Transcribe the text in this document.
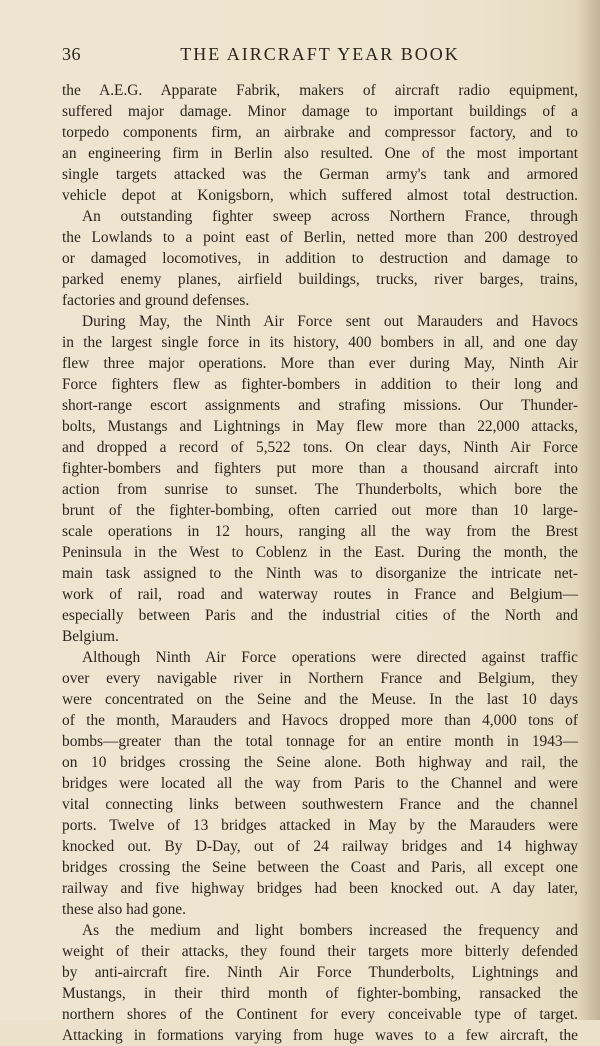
36	THE AIRCRAFT YEAR BOOK

the A.E.G. Apparate Fabrik, makers of aircraft radio equipment,
suffered major damage. Minor damage to important buildings of a
torpedo components firm, an airbrake and compressor factory, and to
an engineering firm in Berlin also resulted. One of the most important
single targets attacked was the German army's tank and armored
vehicle depot at Konigsborn, which suffered almost total destruction.

An outstanding fighter sweep across Northern France, through
the Lowlands to a point east of Berlin, netted more than 200 destroyed
or damaged locomotives, in addition to destruction and damage to
parked enemy planes, airfield buildings, trucks, river barges, trains,
factories and ground defenses.

During May, the Ninth Air Force sent out Marauders and Havocs
in the largest single force in its history, 400 bombers in all, and one day
flew three major operations. More than ever during May, Ninth Air
Force fighters flew as fighter-bombers in addition to their long and
short-range escort assignments and strafing missions. Our Thunder-
bolts, Mustangs and Lightnings in May flew more than 22,000 attacks,
and dropped a record of 5,522 tons. On clear days, Ninth Air Force
fighter-bombers and fighters put more than a thousand aircraft into
action from sunrise to sunset. The Thunderbolts, which bore the
brunt of the fighter-bombing, often carried out more than 10 large-
scale operations in 12 hours, ranging all the way from the Brest
Peninsula in the West to Coblenz in the East. During the month, the
main task assigned to the Ninth was to disorganize the intricate net-
work of rail, road and waterway routes in France and Belgium—
especially between Paris and the industrial cities of the North and
Belgium.

Although Ninth Air Force operations were directed against traffic
over every navigable river in Northern France and Belgium, they
were concentrated on the Seine and the Meuse. In the last 10 days
of the month, Marauders and Havocs dropped more than 4,000 tons of
bombs—greater than the total tonnage for an entire month in 1943—
on 10 bridges crossing the Seine alone. Both highway and rail, the
bridges were located all the way from Paris to the Channel and were
vital connecting links between southwestern France and the channel
ports. Twelve of 13 bridges attacked in May by the Marauders were
knocked out. By D-Day, out of 24 railway bridges and 14 highway
bridges crossing the Seine between the Coast and Paris, all except one
railway and five highway bridges had been knocked out. A day later,
these also had gone.

As the medium and light bombers increased the frequency and
weight of their attacks, they found their targets more bitterly defended
by anti-aircraft fire. Ninth Air Force Thunderbolts, Lightnings and
Mustangs, in their third month of fighter-bombing, ransacked the
northern shores of the Continent for every conceivable type of target.
Attacking in formations varying from huge waves to a few aircraft, the
